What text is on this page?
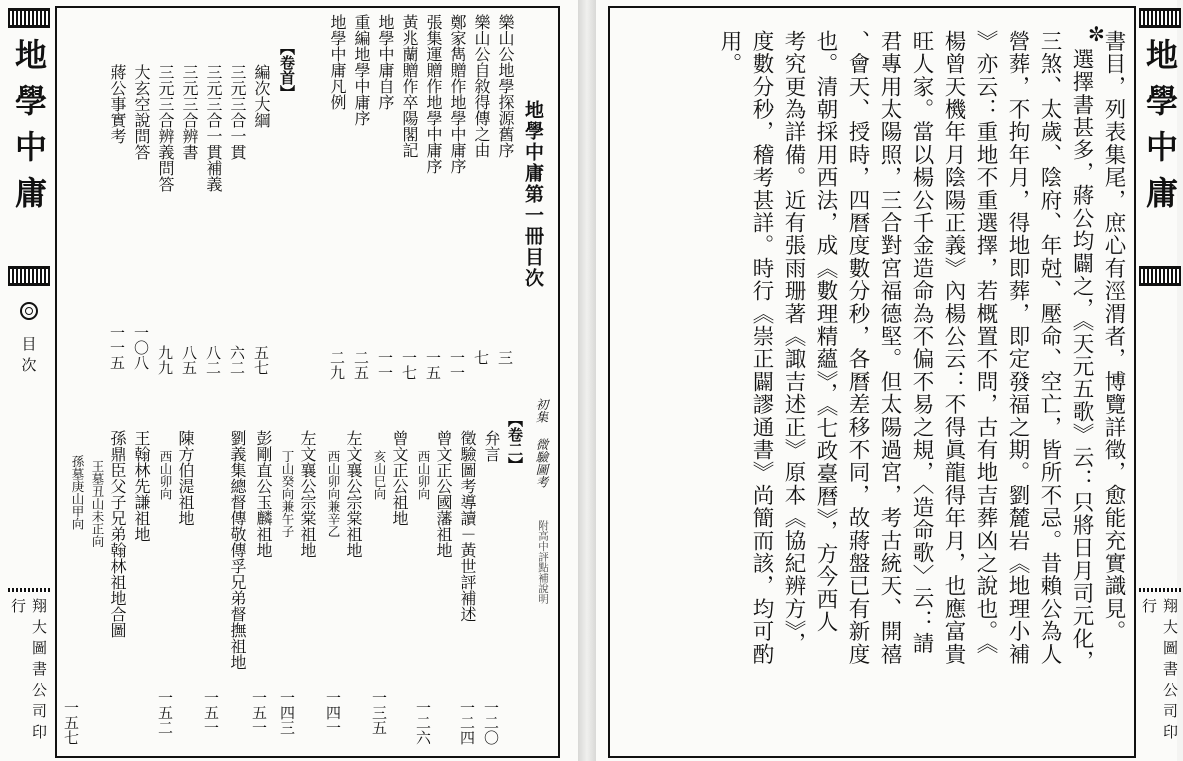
地學中庸
目次
翔大圖書公司印行
地學中庸第一冊目次
樂山公地學探源舊序
三
樂山公自敘得傳之由
七
鄭家雋贈作地學中庸序
一一
張集運贈作地學中庸序
一五
黃兆蘭贈作卒陽閣記
一七
地學中庸自序
一一
重編地學中庸序
二五
地學中庸凡例
二九
【卷首】
編次大綱
五七
三元三合一貫
六二
三元三合一貫補義
八二
三元三合辨書
八五
三元三合辨義問答
九九
大玄空說問答
一〇八
蔣公事實考
一一五
初集 微驗圖考
附高中評點補說明
【卷二】
弁言
一二〇
徵驗圖考導讀－黃世評補述
一二四
曾文正公國藩祖地
西山卯向
一二六
曾文正公祖地
亥山巳向
一三五
左文襄公宗棠祖地
西山卯向兼辛乙
一四一
左文襄公宗棠祖地
丁山癸向兼午子
一四三
彭剛直公玉麟祖地
一五一
劉義集總督傳敬傳孚兄弟督撫祖地
一五一
陳方伯湜祖地
西山卯向
一五二
王翰林先謙祖地
孫鼎臣父子兄弟翰林祖地合圖
王墓丑山未正向
孫墓庚山甲向
一五七
✼
書目，列表集尾，庶心有涇渭者，博覽詳徵，愈能充實識見。
選擇書甚多，蔣公均闢之，《天元五歌》云：只將日月司元化，
三煞、太歲、陰府、年尅、壓命、空亡，皆所不忌。昔賴公為人
營葬，不拘年月，得地即葬，即定發福之期。劉麓岩《地理小補
》亦云：重地不重選擇，若概置不問，古有地吉葬凶之說也。《
楊曾天機年月陰陽正義》內楊公云：不得眞龍得年月，也應富貴
旺人家。當以楊公千金造命為不偏不易之規，〈造命歌〉云：請
君專用太陽照，三合對宮福德堅。但太陽過宮，考古統天、開禧
、會天、授時，四曆度數分秒，各曆差移不同，故蔣盤已有新度
也。清朝採用西法，成《數理精蘊》，《七政臺曆》，方今西人
考究更為詳備。近有張雨珊著《諏吉述正》原本《協紀辨方》，
度數分秒，稽考甚詳。時行《崇正闢謬通書》尚簡而該，均可酌
用。	地學中庸
翔大圖書公司印行
